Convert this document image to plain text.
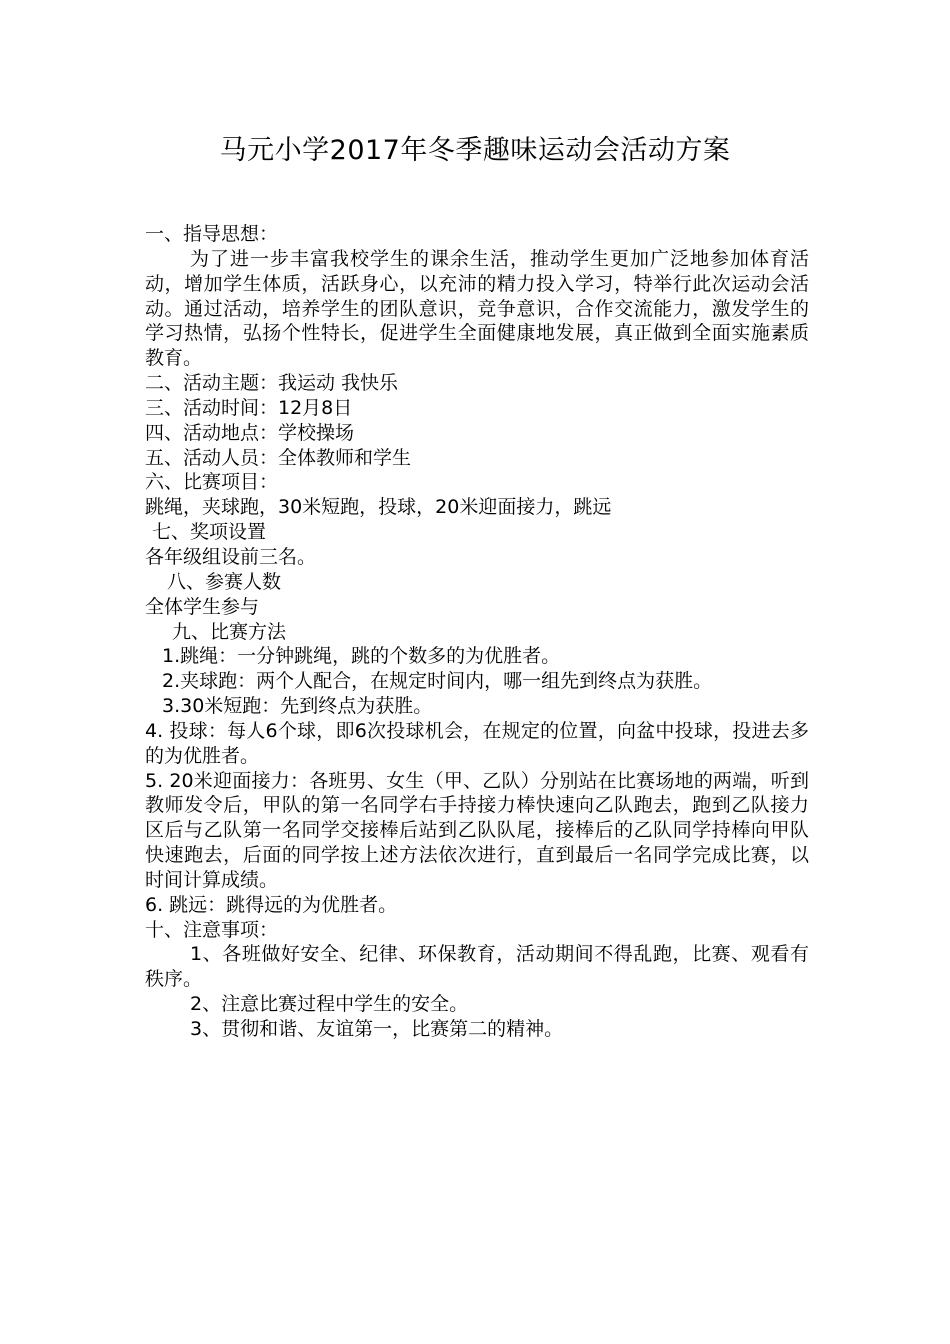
马元小学2017年冬季趣味运动会活动方案

一、指导思想：

为了进一步丰富我校学生的课余生活，推动学生更加广泛地参加体育活动，增加学生体质，活跃身心，以充沛的精力投入学习，特举行此次运动会活动。通过活动，培养学生的团队意识，竞争意识，合作交流能力，激发学生的学习热情，弘扬个性特长，促进学生全面健康地发展，真正做到全面实施素质教育。

二、活动主题：我运动 我快乐

三、活动时间：12月8日

四、活动地点：学校操场

五、活动人员：全体教师和学生

六、比赛项目：

跳绳，夹球跑，30米短跑，投球，20米迎面接力，跳远

七、奖项设置

各年级组设前三名。

八、参赛人数

全体学生参与

九、比赛方法

1.跳绳：一分钟跳绳，跳的个数多的为优胜者。

2.夹球跑：两个人配合，在规定时间内，哪一组先到终点为获胜。

3.30米短跑：先到终点为获胜。

4. 投球：每人6个球，即6次投球机会，在规定的位置，向盆中投球，投进去多的为优胜者。

5. 20米迎面接力：各班男、女生（甲、乙队）分别站在比赛场地的两端，听到教师发令后，甲队的第一名同学右手持接力棒快速向乙队跑去，跑到乙队接力区后与乙队第一名同学交接棒后站到乙队队尾，接棒后的乙队同学持棒向甲队快速跑去，后面的同学按上述方法依次进行，直到最后一名同学完成比赛，以时间计算成绩。

6. 跳远：跳得远的为优胜者。

十、注意事项：

1、各班做好安全、纪律、环保教育，活动期间不得乱跑，比赛、观看有秩序。

2、注意比赛过程中学生的安全。

3、贯彻和谐、友谊第一，比赛第二的精神。
